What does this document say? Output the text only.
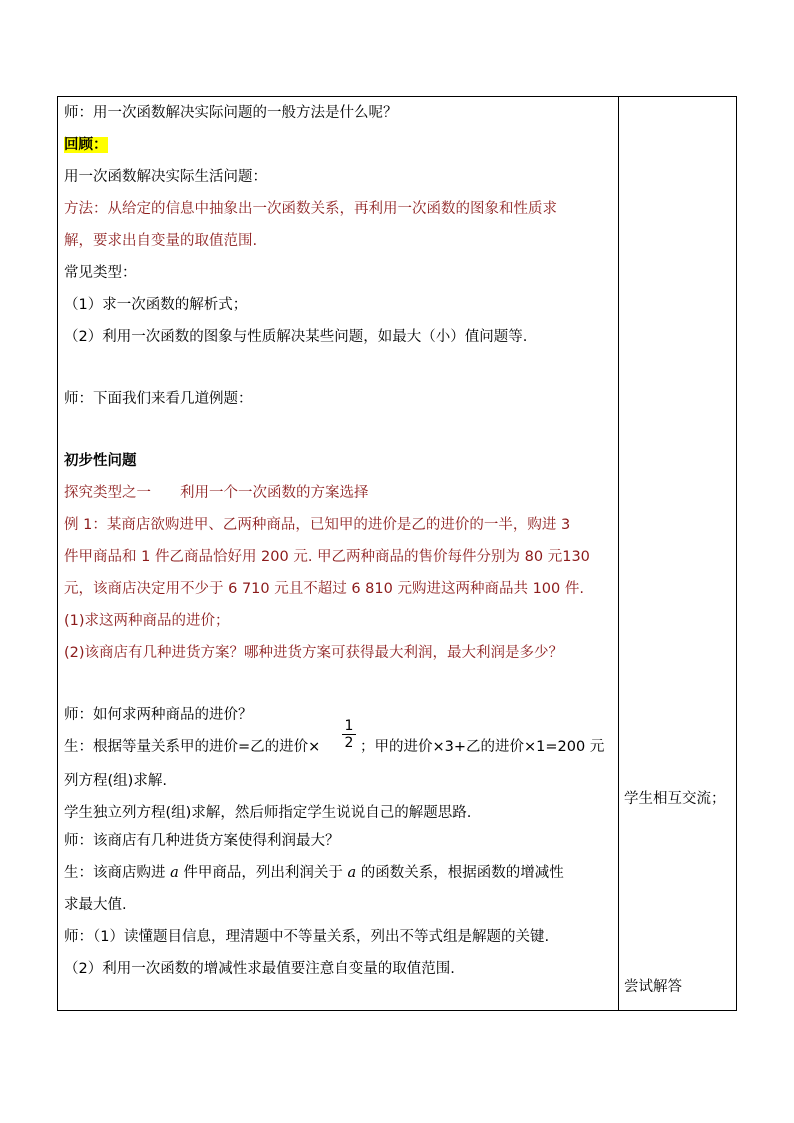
师：用一次函数解决实际问题的一般方法是什么呢？
回顾：
用一次函数解决实际生活问题：
方法：从给定的信息中抽象出一次函数关系，再利用一次函数的图象和性质求
解，要求出自变量的取值范围.
常见类型：
（1）求一次函数的解析式；
（2）利用一次函数的图象与性质解决某些问题，如最大（小）值问题等.
师：下面我们来看几道例题：
初步性问题
探究类型之一　　利用一个一次函数的方案选择
例 1：某商店欲购进甲、乙两种商品，已知甲的进价是乙的进价的一半，购进 3
件甲商品和 1 件乙商品恰好用 200 元. 甲乙两种商品的售价每件分别为 80 元130
元，该商店决定用不少于 6 710 元且不超过 6 810 元购进这两种商品共 100 件.
(1)求这两种商品的进价；
(2)该商店有几种进货方案？哪种进货方案可获得最大利润，最大利润是多少？
师：如何求两种商品的进价？
生：根据等量关系甲的进价=乙的进价× $\frac{1}{2}$ ；甲的进价×3+乙的进价×1=200 元
列方程(组)求解.
学生独立列方程(组)求解，然后师指定学生说说自己的解题思路.
师：该商店有几种进货方案使得利润最大？
生：该商店购进 a 件甲商品，列出利润关于 a 的函数关系，根据函数的增减性
求最大值.
师：（1）读懂题目信息，理清题中不等量关系，列出不等式组是解题的关键.
（2）利用一次函数的增减性求最值要注意自变量的取值范围.
学生相互交流；
尝试解答
